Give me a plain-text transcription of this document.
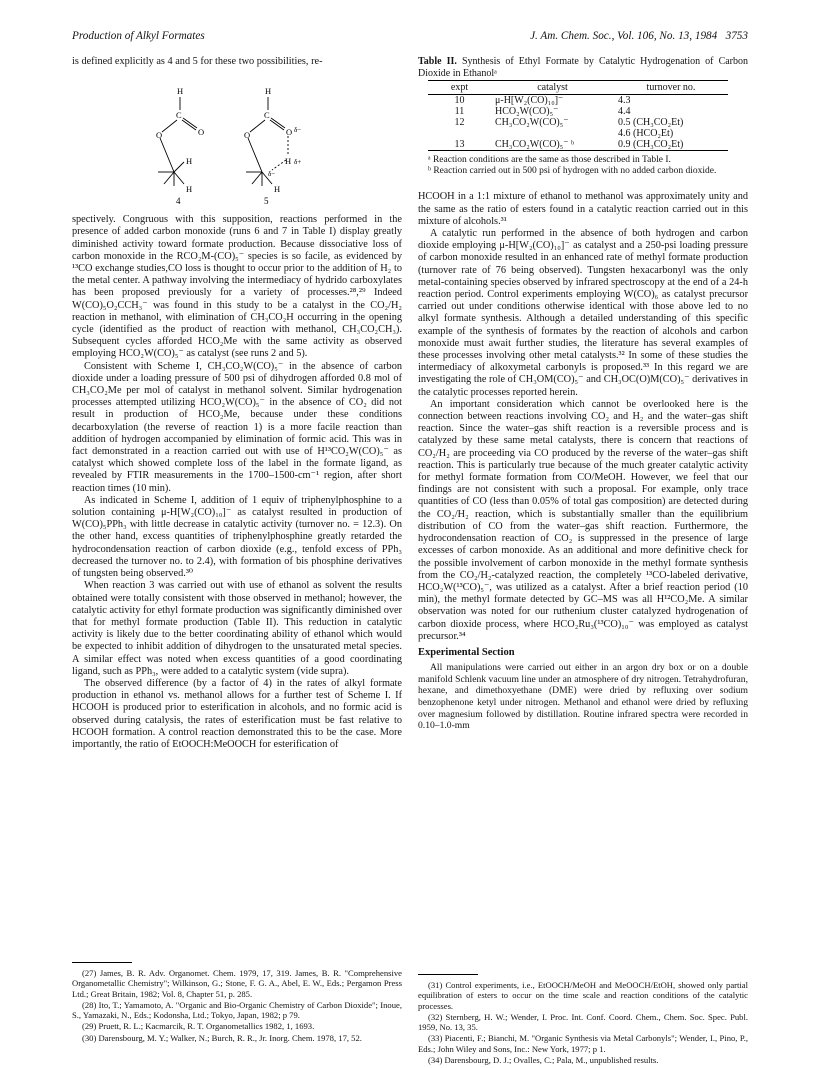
Production of Alkyl Formates	J. Am. Chem. Soc., Vol. 106, No. 13, 1984   3753

is defined explicitly as 4 and 5 for these two possibilities, re-

H
C
O
O
H
H
4
H
C
O
O	δ−
H δ+
δ−
H
5

spectively. Congruous with this supposition, reactions performed in the presence of added carbon monoxide (runs 6 and 7 in Table I) display greatly diminished activity toward formate production. Because dissociative loss of carbon monoxide in the RCO₂M-(CO)₅⁻ species is so facile, as evidenced by ¹³CO exchange studies,CO loss is thought to occur prior to the addition of H₂ to the metal center. A pathway involving the intermediacy of hydrido carboxylates has been proposed previously for a variety of processes.²⁸,²⁹ Indeed W(CO)₅O₂CCH₃⁻ was found in this study to be a catalyst in the CO₂/H₂ reaction in methanol, with elimination of CH₃CO₂H occurring in the opening cycle (identified as the product of reaction with methanol, CH₃CO₂CH₃). Subsequent cycles afforded HCO₂Me with the same activity as observed employing HCO₂W(CO)₅⁻ as catalyst (see runs 2 and 5).

Consistent with Scheme I, CH₃CO₂W(CO)₅⁻ in the absence of carbon dioxide under a loading pressure of 500 psi of dihydrogen afforded 0.8 mol of CH₃CO₂Me per mol of catalyst in methanol solvent. Similar hydrogenation processes attempted utilizing HCO₂W(CO)₅⁻ in the absence of CO₂ did not result in production of HCO₂Me, because under these conditions decarboxylation (the reverse of reaction 1) is a more facile reaction than addition of hydrogen accompanied by elimination of formic acid. This was in fact demonstrated in a reaction carried out with use of H¹³CO₂W(CO)₅⁻ as catalyst which showed complete loss of the label in the formate ligand, as revealed by FTIR measurements in the 1700–1500-cm⁻¹ region, after short reaction times (10 min).

As indicated in Scheme I, addition of 1 equiv of triphenylphosphine to a solution containing μ-H[W₂(CO)₁₀]⁻ as catalyst resulted in production of W(CO)₅PPh₃ with little decrease in catalytic activity (turnover no. = 12.3). On the other hand, excess quantities of triphenylphosphine greatly retarded the hydrocondensation reaction of carbon dioxide (e.g., tenfold excess of PPh₃ decreased the turnover no. to 2.4), with formation of bis phosphine derivatives of tungsten being observed.³⁰

When reaction 3 was carried out with use of ethanol as solvent the results obtained were totally consistent with those observed in methanol; however, the catalytic activity for ethyl formate production was significantly diminished over that for methyl formate production (Table II). This reduction in catalytic activity is likely due to the better coordinating ability of ethanol which would be expected to inhibit addition of dihydrogen to the unsaturated metal species. A similar effect was noted when excess quantities of a good coordinating ligand, such as PPh₃, were added to a catalytic system (vide supra).

The observed difference (by a factor of 4) in the rates of alkyl formate production in ethanol vs. methanol allows for a further test of Scheme I. If HCOOH is produced prior to esterification in alcohols, and no formic acid is observed during catalysis, the rates of esterification must be fast relative to HCOOH formation. A control reaction demonstrated this to be the case. More importantly, the ratio of EtOOCH:MeOOCH for esterification of

Table II. Synthesis of Ethyl Formate by Catalytic Hydrogenation of Carbon Dioxide in Ethanolᵃ
expt	catalyst	turnover no.
10	μ-H[W₂(CO)₁₀]⁻	4.3
11	HCO₂W(CO)₅⁻	4.4
12	CH₃CO₂W(CO)₅⁻	0.5 (CH₃CO₂Et)
4.6 (HCO₂Et)

13	CH₃CO₂W(CO)₅⁻ ᵇ	0.9 (CH₃CO₂Et)
ᵃ Reaction conditions are the same as those described in Table I.
ᵇ Reaction carried out in 500 psi of hydrogen with no added carbon dioxide.

HCOOH in a 1:1 mixture of ethanol to methanol was approximately unity and the same as the ratio of esters found in a catalytic reaction carried out in this mixture of alcohols.³¹

A catalytic run performed in the absence of both hydrogen and carbon dioxide employing μ-H[W₂(CO)₁₀]⁻ as catalyst and a 250-psi loading pressure of carbon monoxide resulted in an enhanced rate of methyl formate production (turnover rate of 76 being observed). Tungsten hexacarbonyl was the only metal-containing species observed by infrared spectroscopy at the end of a 24-h reaction period. Control experiments employing W(CO)₆ as catalyst precursor carried out under conditions otherwise identical with those above led to no alkyl formate synthesis. Although a detailed understanding of this specific example of the synthesis of formates by the reaction of alcohols and carbon monoxide must await further studies, the literature has several examples of these processes involving other metal catalysts.³² In some of these studies the intermediacy of alkoxymetal carbonyls is proposed.³³ In this regard we are investigating the role of CH₃OM(CO)₅⁻ and CH₃OC(O)M(CO)₅⁻ derivatives in the catalytic processes reported herein.

An important consideration which cannot be overlooked here is the connection between reactions involving CO₂ and H₂ and the water–gas shift reaction. Since the water–gas shift reaction is a reversible process and is catalyzed by these same metal catalysts, there is concern that reactions of CO₂/H₂ are proceeding via CO produced by the reverse of the water–gas shift reaction. This is particularly true because of the much greater catalytic activity for methyl formate formation from CO/MeOH. However, we feel that our findings are not consistent with such a proposal. For example, only trace quantities of CO (less than 0.05% of total gas composition) are detected during the CO₂/H₂ reaction, which is substantially smaller than the equilibrium distribution of CO from the water–gas shift reaction. Furthermore, the hydrocondensation reaction of CO₂ is suppressed in the presence of large excesses of carbon monoxide. As an additional and more definitive check for the possible involvement of carbon monoxide in the methyl formate synthesis from the CO₂/H₂-catalyzed reaction, the completely ¹³CO-labeled derivative, HCO₂W(¹³CO)₅⁻, was utilized as a catalyst. After a brief reaction period (10 min), the methyl formate detected by GC–MS was all H¹²CO₂Me. A similar observation was noted for our ruthenium cluster catalyzed hydrogenation of carbon dioxide process, where HCO₂Ru₃(¹³CO)₁₀⁻ was employed as catalyst precursor.³⁴

Experimental Section

All manipulations were carried out either in an argon dry box or on a double manifold Schlenk vacuum line under an atmosphere of dry nitrogen. Tetrahydrofuran, hexane, and dimethoxyethane (DME) were dried by refluxing over sodium benzophenone ketyl under nitrogen. Methanol and ethanol were dried by refluxing over magnesium followed by distillation. Routine infrared spectra were recorded in 0.10–1.0-mm

(27) James, B. R. Adv. Organomet. Chem. 1979, 17, 319. James, B. R. "Comprehensive Organometallic Chemistry"; Wilkinson, G.; Stone, F. G. A., Abel, E. W., Eds.; Pergamon Press Ltd.; Great Britain, 1982; Vol. 8, Chapter 51, p. 285.
(28) Ito, T.; Yamamoto, A. "Organic and Bio-Organic Chemistry of Carbon Dioxide"; Inoue, S., Yamazaki, N., Eds.; Kodonsha, Ltd.; Tokyo, Japan, 1982; p 79.
(29) Pruett, R. L.; Kacmarcik, R. T. Organometallics 1982, 1, 1693.
(30) Darensbourg, M. Y.; Walker, N.; Burch, R. R., Jr. Inorg. Chem. 1978, 17, 52.
(31) Control experiments, i.e., EtOOCH/MeOH and MeOOCH/EtOH, showed only partial equilibration of esters to occur on the time scale and reaction conditions of the catalytic processes.
(32) Sternberg, H. W.; Wender, I. Proc. Int. Conf. Coord. Chem., Chem. Soc. Spec. Publ. 1959, No. 13, 35.
(33) Piacenti, F.; Bianchi, M. "Organic Synthesis via Metal Carbonyls"; Wender, I., Pino, P., Eds.; John Wiley and Sons, Inc.: New York, 1977; p 1.
(34) Darensbourg, D. J.; Ovalles, C.; Pala, M., unpublished results.
